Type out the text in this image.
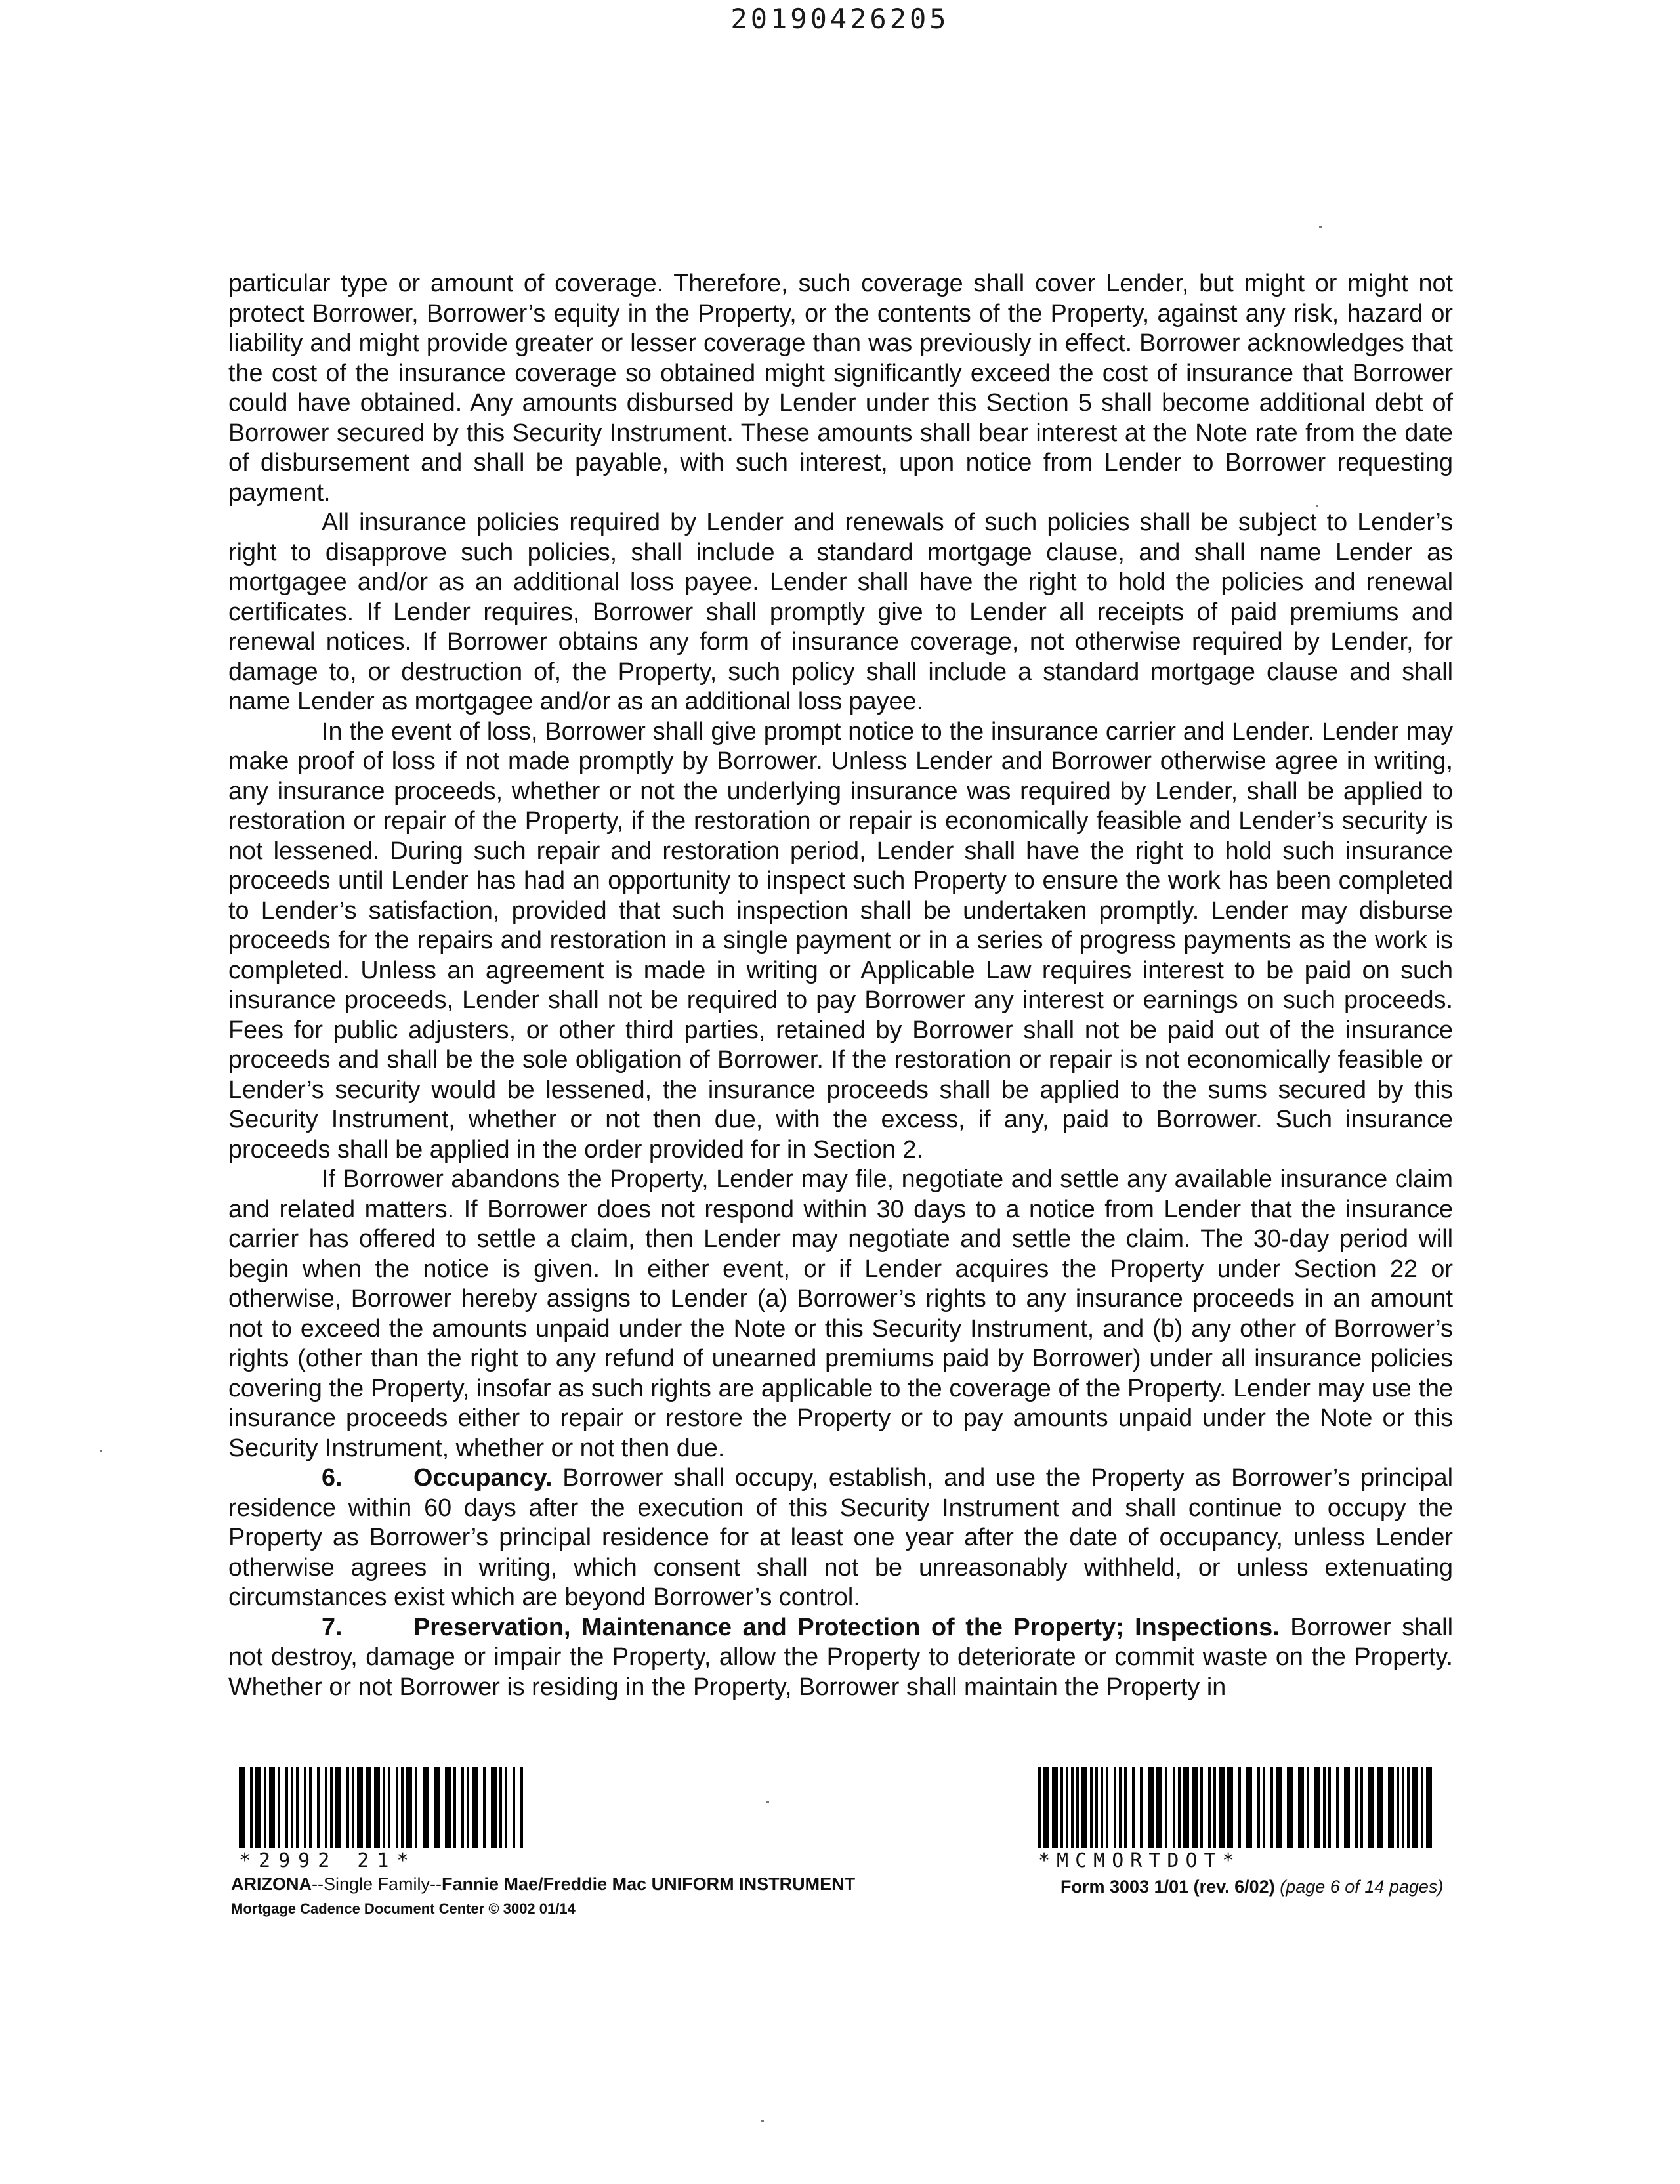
20190426205

particular type or amount of coverage. Therefore, such coverage shall cover Lender, but might or might not protect Borrower, Borrower’s equity in the Property, or the contents of the Property, against any risk, hazard or liability and might provide greater or lesser coverage than was previously in effect. Borrower acknowledges that the cost of the insurance coverage so obtained might significantly exceed the cost of insurance that Borrower could have obtained. Any amounts disbursed by Lender under this Section 5 shall become additional debt of Borrower secured by this Security Instrument. These amounts shall bear interest at the Note rate from the date of disbursement and shall be payable, with such interest, upon notice from Lender to Borrower requesting payment.

All insurance policies required by Lender and renewals of such policies shall be subject to Lender’s right to disapprove such policies, shall include a standard mortgage clause, and shall name Lender as mortgagee and/or as an additional loss payee. Lender shall have the right to hold the policies and renewal certificates. If Lender requires, Borrower shall promptly give to Lender all receipts of paid premiums and renewal notices. If Borrower obtains any form of insurance coverage, not otherwise required by Lender, for damage to, or destruction of, the Property, such policy shall include a standard mortgage clause and shall name Lender as mortgagee and/or as an additional loss payee.

In the event of loss, Borrower shall give prompt notice to the insurance carrier and Lender. Lender may make proof of loss if not made promptly by Borrower. Unless Lender and Borrower otherwise agree in writing, any insurance proceeds, whether or not the underlying insurance was required by Lender, shall be applied to restoration or repair of the Property, if the restoration or repair is economically feasible and Lender’s security is not lessened. During such repair and restoration period, Lender shall have the right to hold such insurance proceeds until Lender has had an opportunity to inspect such Property to ensure the work has been completed to Lender’s satisfaction, provided that such inspection shall be undertaken promptly. Lender may disburse proceeds for the repairs and restoration in a single payment or in a series of progress payments as the work is completed. Unless an agreement is made in writing or Applicable Law requires interest to be paid on such insurance proceeds, Lender shall not be required to pay Borrower any interest or earnings on such proceeds. Fees for public adjusters, or other third parties, retained by Borrower shall not be paid out of the insurance proceeds and shall be the sole obligation of Borrower. If the restoration or repair is not economically feasible or Lender’s security would be lessened, the insurance proceeds shall be applied to the sums secured by this Security Instrument, whether or not then due, with the excess, if any, paid to Borrower. Such insurance proceeds shall be applied in the order provided for in Section 2.

If Borrower abandons the Property, Lender may file, negotiate and settle any available insurance claim and related matters. If Borrower does not respond within 30 days to a notice from Lender that the insurance carrier has offered to settle a claim, then Lender may negotiate and settle the claim. The 30-day period will begin when the notice is given. In either event, or if Lender acquires the Property under Section 22 or otherwise, Borrower hereby assigns to Lender (a) Borrower’s rights to any insurance proceeds in an amount not to exceed the amounts unpaid under the Note or this Security Instrument, and (b) any other of Borrower’s rights (other than the right to any refund of unearned premiums paid by Borrower) under all insurance policies covering the Property, insofar as such rights are applicable to the coverage of the Property. Lender may use the insurance proceeds either to repair or restore the Property or to pay amounts unpaid under the Note or this Security Instrument, whether or not then due.

6.	Occupancy. Borrower shall occupy, establish, and use the Property as Borrower’s principal residence within 60 days after the execution of this Security Instrument and shall continue to occupy the Property as Borrower’s principal residence for at least one year after the date of occupancy, unless Lender otherwise agrees in writing, which consent shall not be unreasonably withheld, or unless extenuating circumstances exist which are beyond Borrower’s control.

7.	Preservation, Maintenance and Protection of the Property; Inspections. Borrower shall not destroy, damage or impair the Property, allow the Property to deteriorate or commit waste on the Property. Whether or not Borrower is residing in the Property, Borrower shall maintain the Property in

*2992 21*	*MCMORTDOT*
ARIZONA--Single Family--Fannie Mae/Freddie Mac UNIFORM INSTRUMENT
Mortgage Cadence Document Center © 3002 01/14
Form 3003 1/01 (rev. 6/02) (page 6 of 14 pages)
